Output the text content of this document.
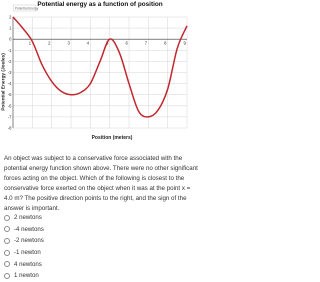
1	2	3	4	5	6	7	8	9
2
1
0
-1
-2
-3
-4
-5
-6
-7
-8
Potential Energy
Potential Energy (Joules)
Position (meters)
Potential energy as a function of position
An object was subject to a conservative force associated with the potential energy function shown above. There were no other significant forces acting on the object. Which of the following is closest to the conservative force exerted on the object when it was at the point x = 4.0 m? The positive direction points to the right, and the sign of the answer is important.
2 newtons
-4 newtons
-2 newtons
-1 newton
4 newtons
1 newton
